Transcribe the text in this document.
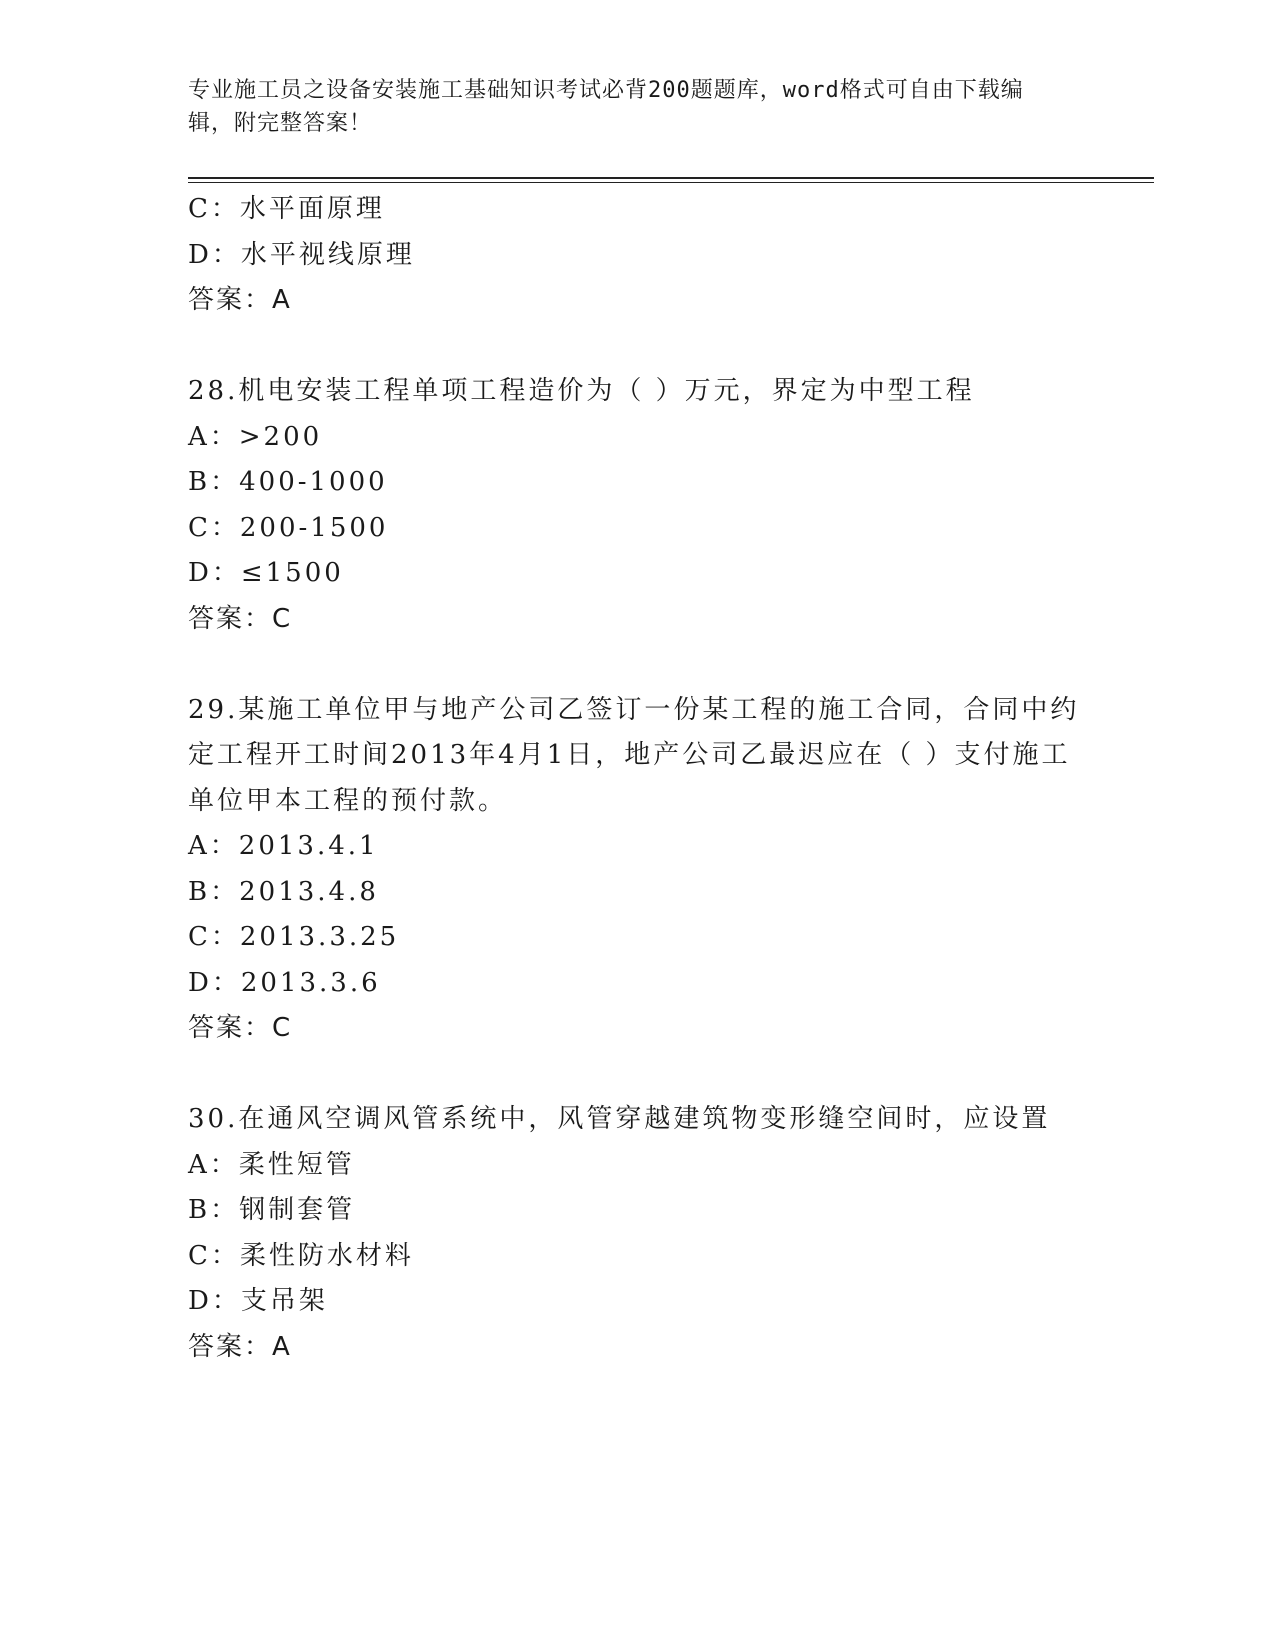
专业施工员之设备安装施工基础知识考试必背200题题库，word格式可自由下载编辑，附完整答案！
C：水平面原理
D：水平视线原理
答案：A
28.机电安装工程单项工程造价为（ ）万元，界定为中型工程
A：>200
B：400-1000
C：200-1500
D：≤1500
答案：C
29.某施工单位甲与地产公司乙签订一份某工程的施工合同，合同中约定工程开工时间2013年4月1日，地产公司乙最迟应在（ ）支付施工单位甲本工程的预付款。
A：2013.4.1
B：2013.4.8
C：2013.3.25
D：2013.3.6
答案：C
30.在通风空调风管系统中，风管穿越建筑物变形缝空间时，应设置
A：柔性短管
B：钢制套管
C：柔性防水材料
D：支吊架
答案：A
